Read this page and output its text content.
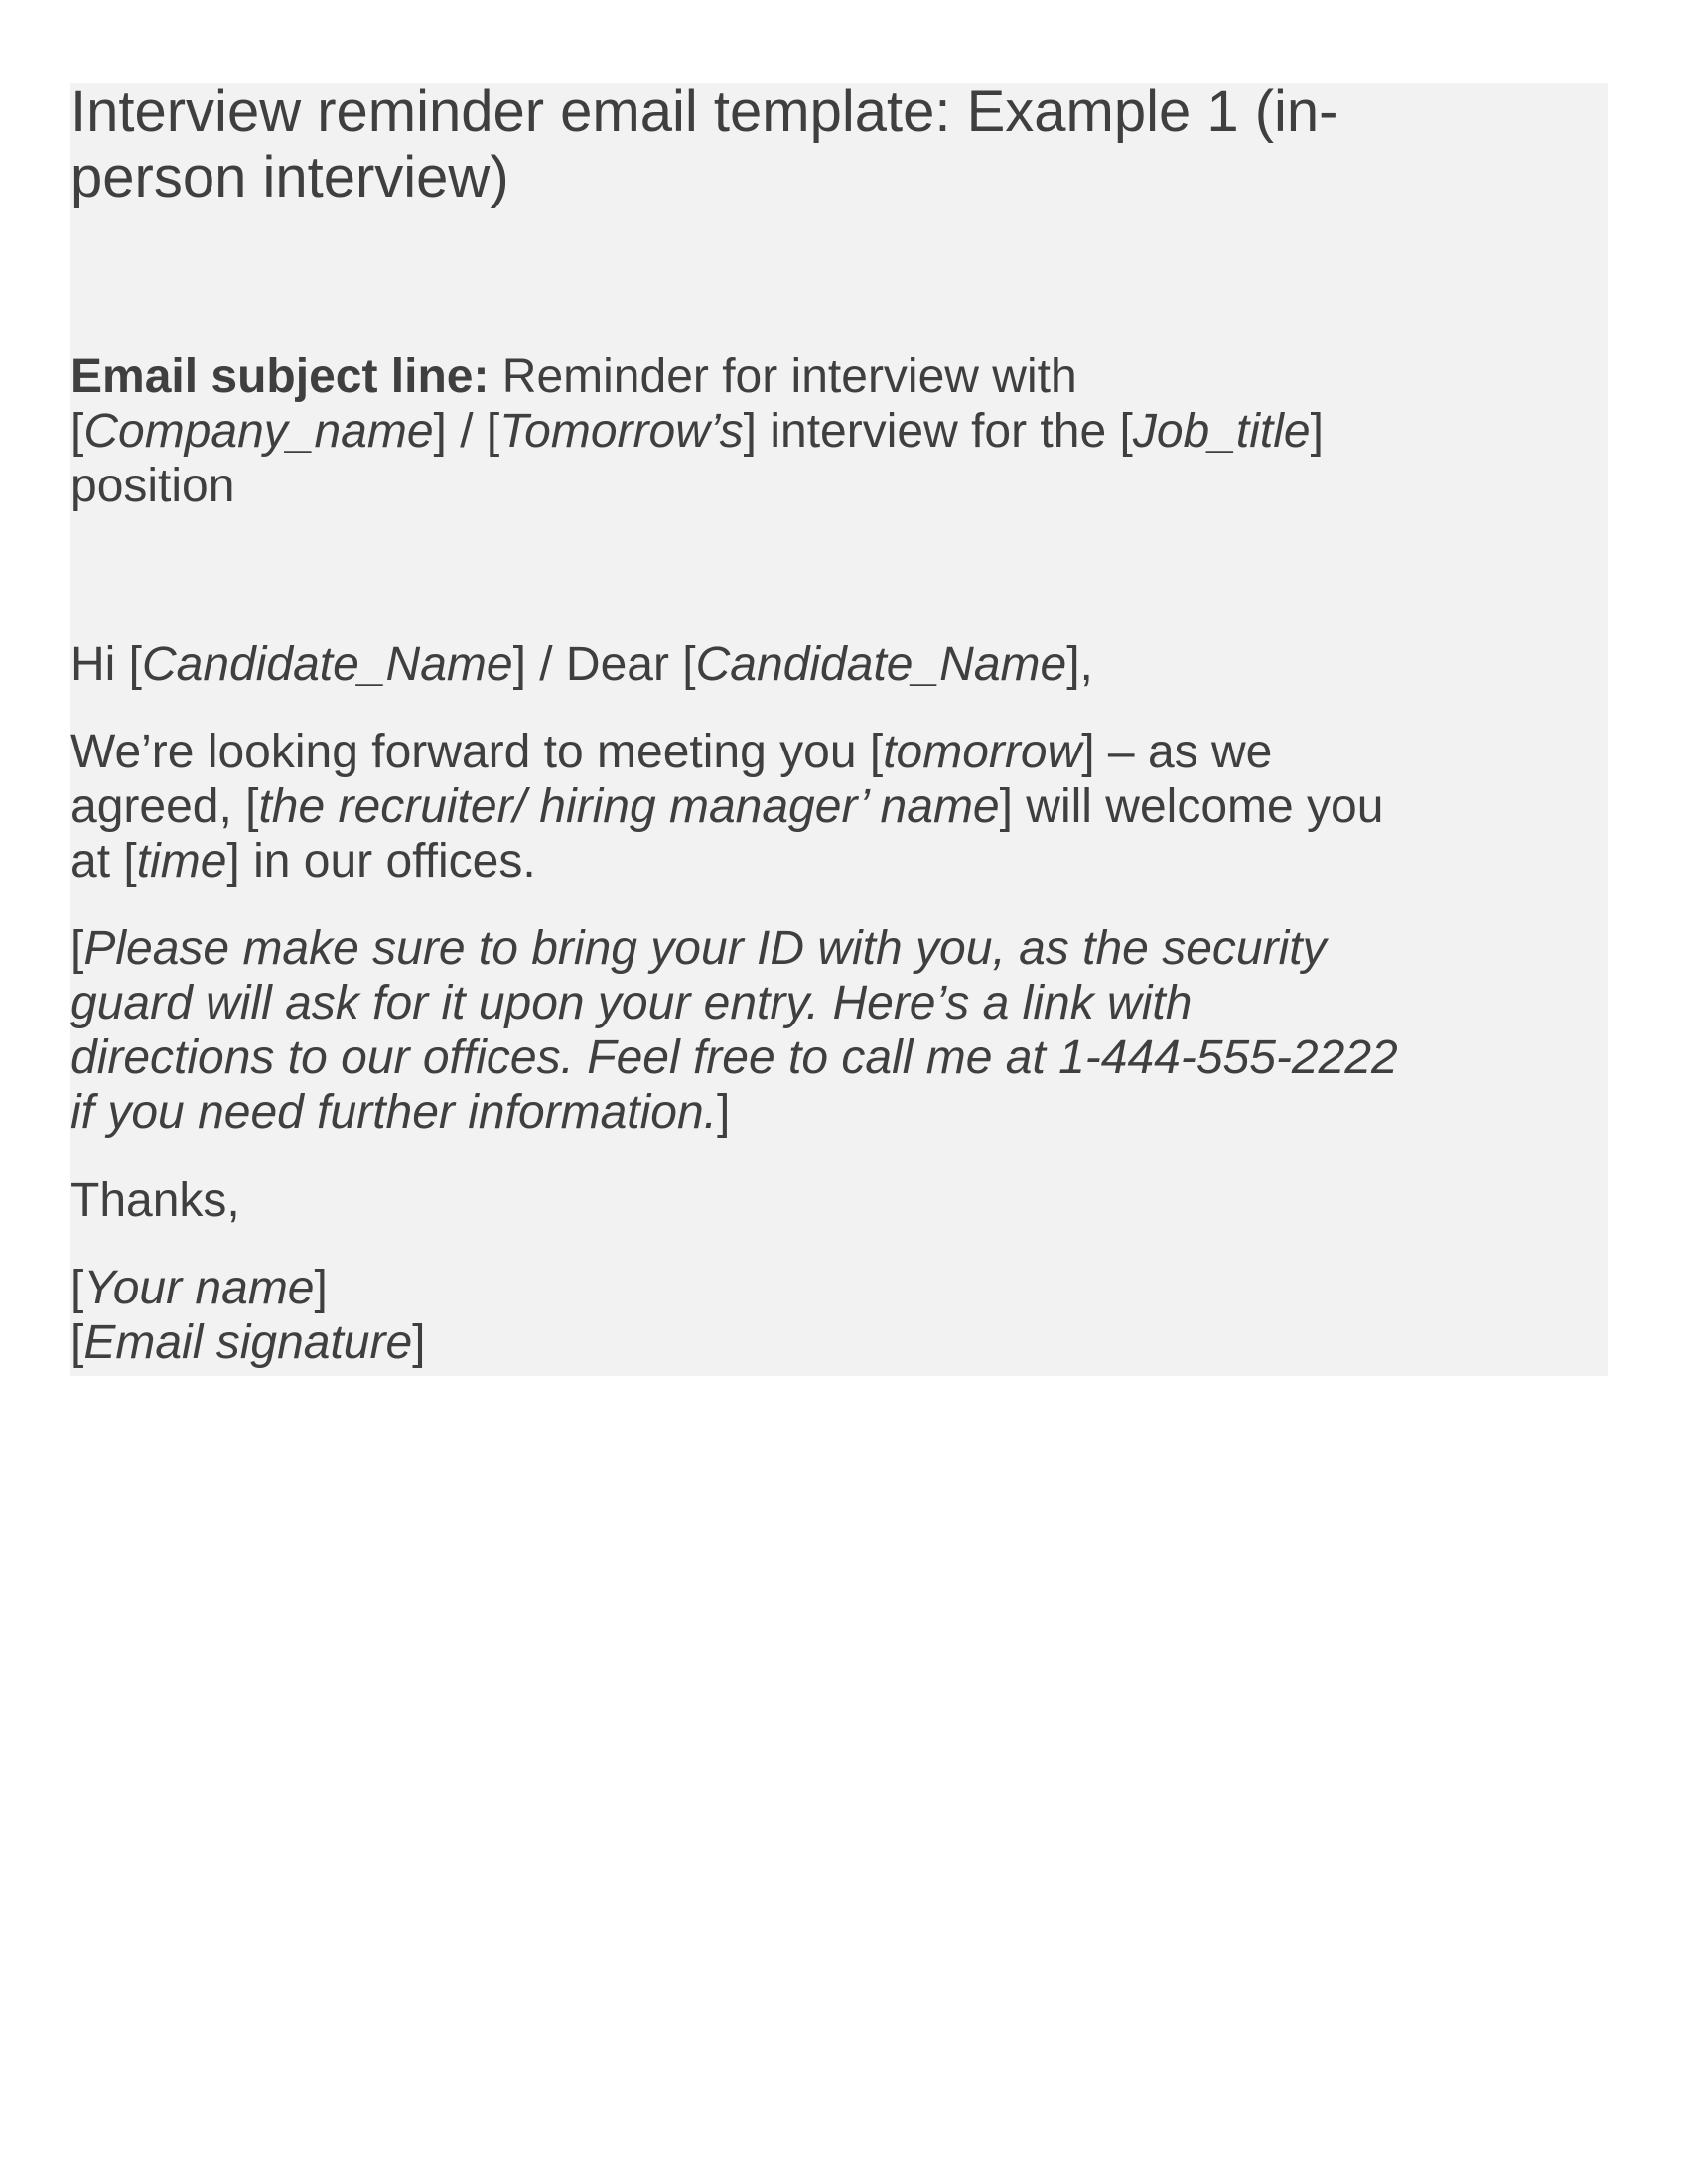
Interview reminder email template: Example 1 (in-
person interview)

Email subject line: Reminder for interview with
[Company_name] / [Tomorrow’s] interview for the [Job_title]
position

Hi [Candidate_Name] / Dear [Candidate_Name],

We’re looking forward to meeting you [tomorrow] – as we
agreed, [the recruiter/ hiring manager’ name] will welcome you
at [time] in our offices.

[Please make sure to bring your ID with you, as the security
guard will ask for it upon your entry. Here’s a link with
directions to our offices. Feel free to call me at 1-444-555-2222
if you need further information.]

Thanks,

[Your name]
[Email signature]
